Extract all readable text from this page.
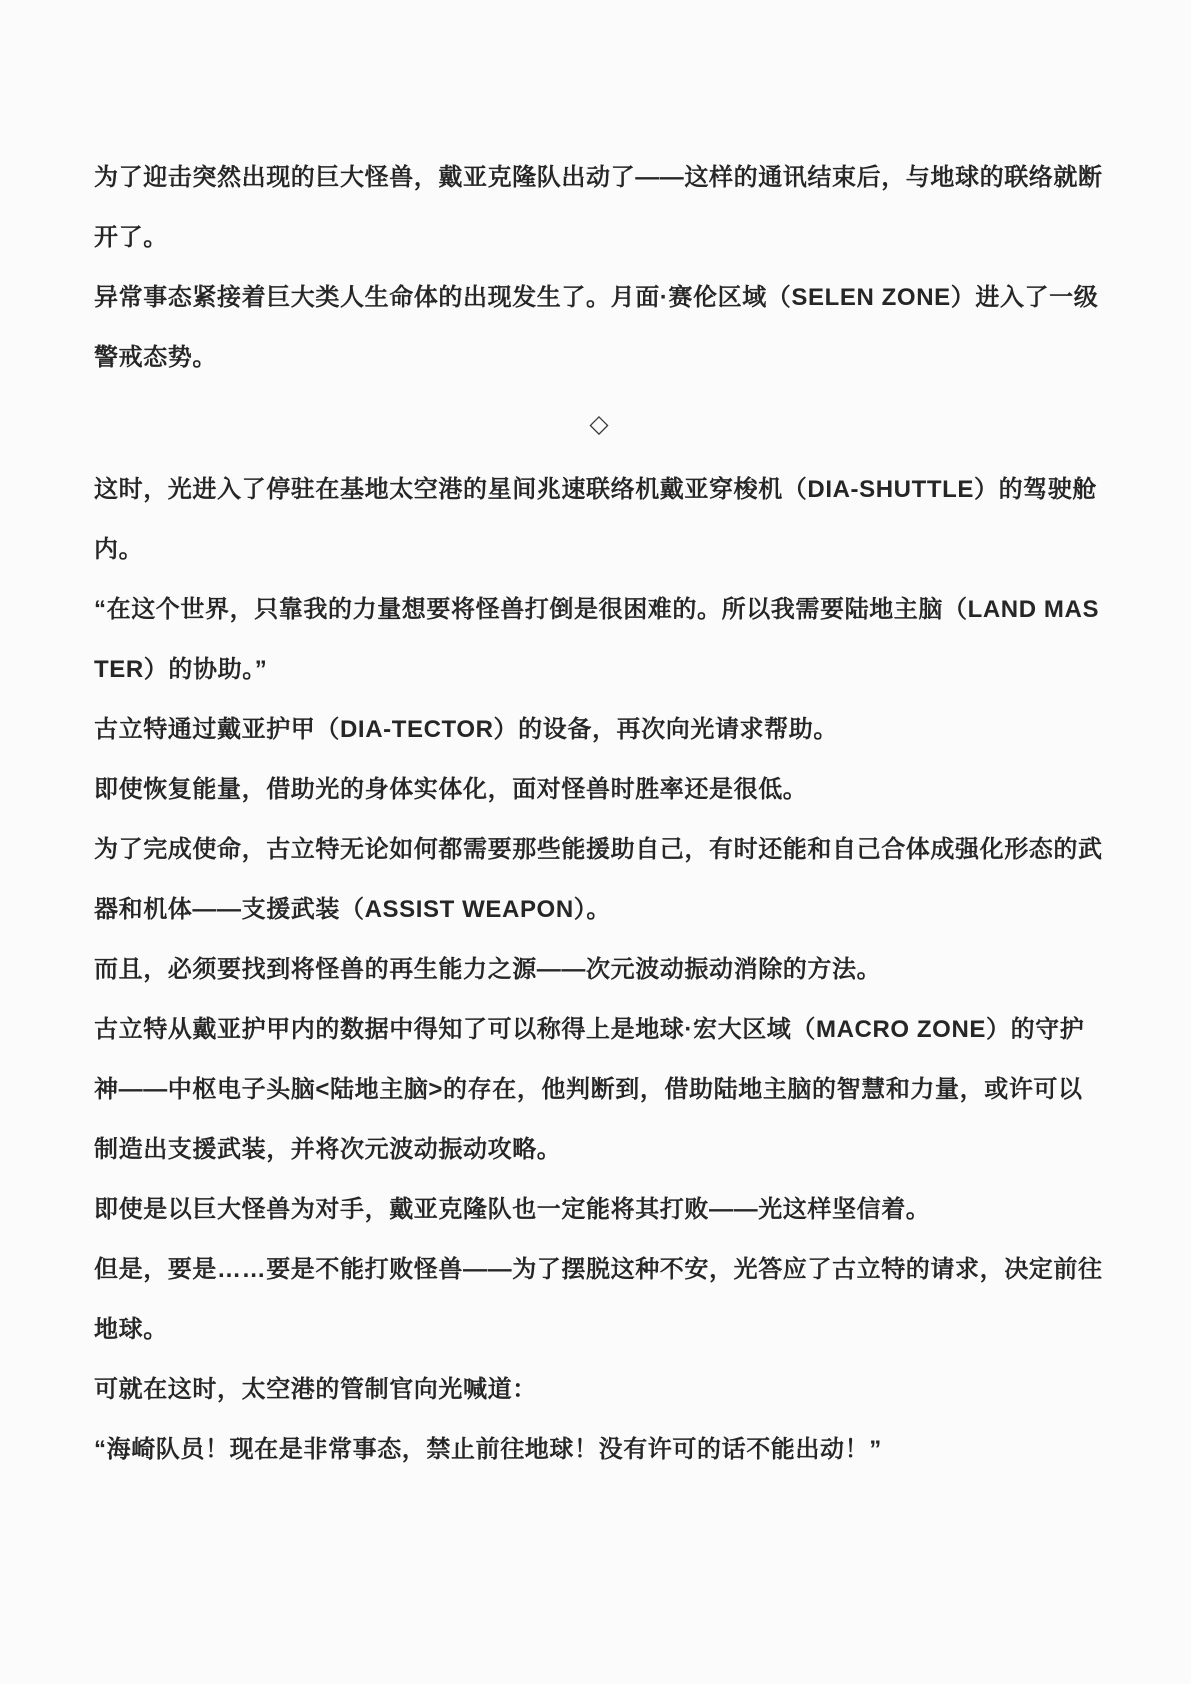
为了迎击突然出现的巨大怪兽，戴亚克隆队出动了——这样的通讯结束后，与地球的联络就断开了。

异常事态紧接着巨大类人生命体的出现发生了。月面·赛伦区域（SELEN ZONE）进入了一级警戒态势。

◇

这时，光进入了停驻在基地太空港的星间兆速联络机戴亚穿梭机（DIA-SHUTTLE）的驾驶舱内。

“在这个世界，只靠我的力量想要将怪兽打倒是很困难的。所以我需要陆地主脑（LAND MASTER）的协助。”

古立特通过戴亚护甲（DIA-TECTOR）的设备，再次向光请求帮助。

即使恢复能量，借助光的身体实体化，面对怪兽时胜率还是很低。

为了完成使命，古立特无论如何都需要那些能援助自己，有时还能和自己合体成强化形态的武器和机体——支援武装（ASSIST WEAPON）。

而且，必须要找到将怪兽的再生能力之源——次元波动振动消除的方法。

古立特从戴亚护甲内的数据中得知了可以称得上是地球·宏大区域（MACRO ZONE）的守护神——中枢电子头脑<陆地主脑>的存在，他判断到，借助陆地主脑的智慧和力量，或许可以制造出支援武装，并将次元波动振动攻略。

即使是以巨大怪兽为对手，戴亚克隆队也一定能将其打败——光这样坚信着。

但是，要是……要是不能打败怪兽——为了摆脱这种不安，光答应了古立特的请求，决定前往地球。

可就在这时，太空港的管制官向光喊道：

“海崎队员！现在是非常事态，禁止前往地球！没有许可的话不能出动！”
